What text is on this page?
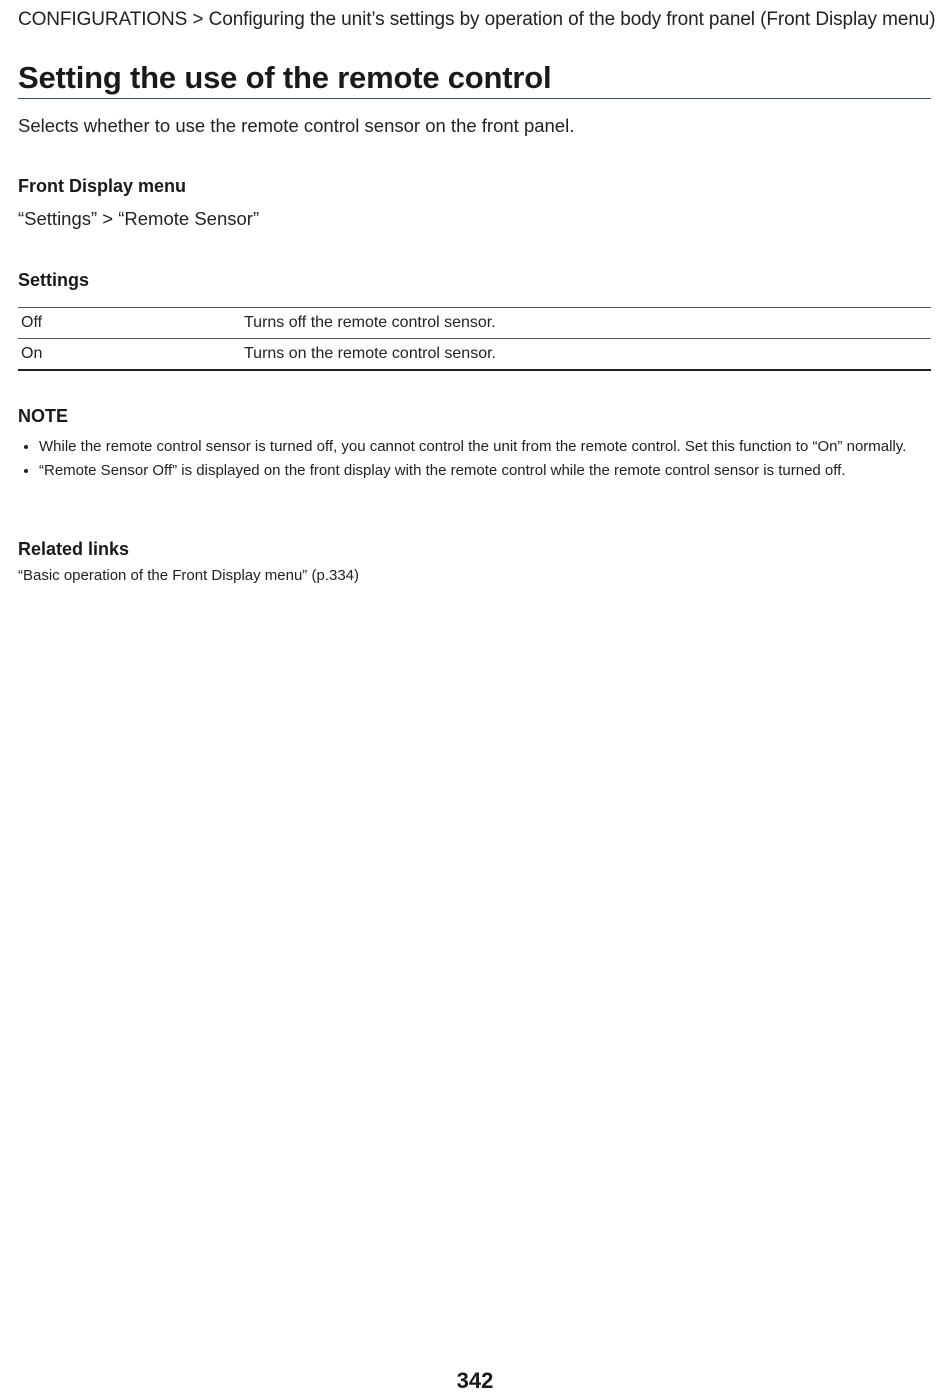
CONFIGURATIONS > Configuring the unit’s settings by operation of the body front panel (Front Display menu)
Setting the use of the remote control
Selects whether to use the remote control sensor on the front panel.
Front Display menu
“Settings” > “Remote Sensor”
Settings
Off	Turns off the remote control sensor.
On	Turns on the remote control sensor.
NOTE
• While the remote control sensor is turned off, you cannot control the unit from the remote control. Set this function to “On” normally.
• “Remote Sensor Off” is displayed on the front display with the remote control while the remote control sensor is turned off.
Related links
“Basic operation of the Front Display menu” (p.334)
342
